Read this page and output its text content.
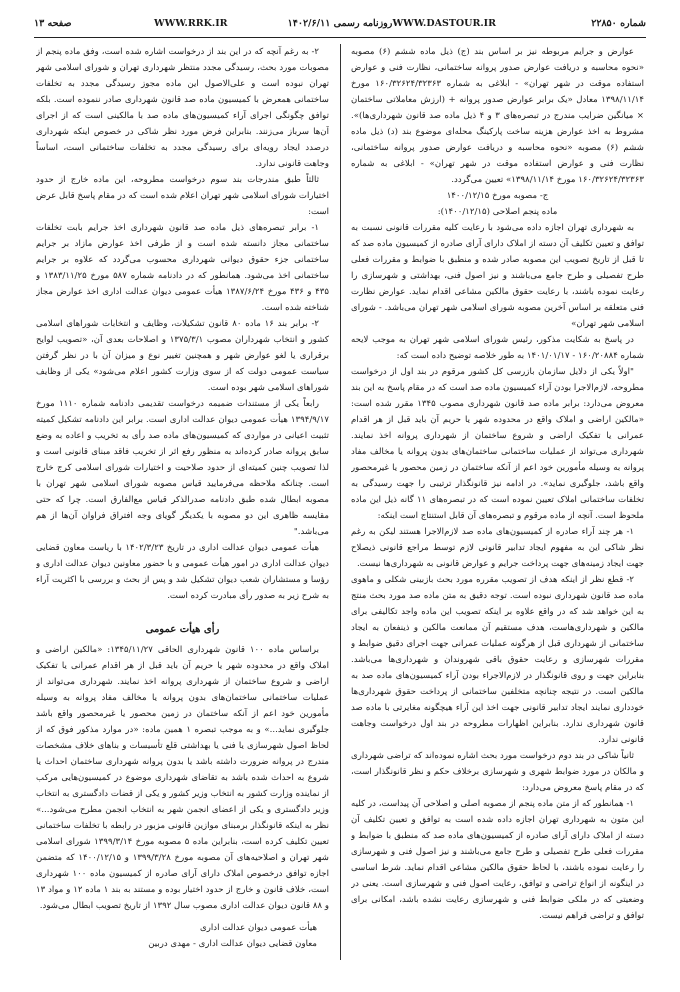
شماره ۲۲۸۵۰
WWW.DASTOUR.IR
روزنامه رسمی ۱۴۰۲/۶/۱۱
WWW.RRK.IR
صفحه ۱۳

عوارض و جرایم مربوطه نیز بر اساس بند (ج) ذیل ماده ششم (۶) مصوبه «نحوه محاسبه و دریافت عوارض صدور پروانه ساختمانی، نظارت فنی و عوارض استفاده موقت در شهر تهران» - ابلاغی به شماره ۱۶۰/۳۲۶۲۴/۳۲۳۶۳ مورخ ۱۳۹۸/۱۱/۱۴ معادل «یک برابر عوارض صدور پروانه + (ارزش معاملاتی ساختمان × میانگین ضرایب مندرج در تبصره‌های ۳ و ۴ ذیل ماده صد قانون شهرداری‌ها)». مشروط به اخذ عوارض هزینه ساخت پارکینگ محله‌ای موضوع بند (د) ذیل ماده ششم (۶) مصوبه «نحوه محاسبه و دریافت عوارض صدور پروانه ساختمانی، نظارت فنی و عوارض استفاده موقت در شهر تهران» - ابلاغی به شماره ۱۶۰/۳۲۶۲۴/۳۲۳۶۳ مورخ ۱۳۹۸/۱۱/۱۴» تعیین می‌گردد.

ج- مصوبه مورخ ۱۴۰۰/۱۲/۱۵

ماده پنجم اصلاحی (۱۴۰۰/۱۲/۱۵):

به شهرداری تهران اجازه داده می‌شود با رعایت کلیه مقررات قانونی نسبت به توافق و تعیین تکلیف آن دسته از املاک دارای آرای صادره از کمیسیون ماده صد که تا قبل از تاریخ تصویب این مصوبه صادر شده و منطبق با ضوابط و مقررات فعلی طرح تفصیلی و طرح جامع می‌باشند و نیز اصول فنی، بهداشتی و شهرسازی را رعایت نموده باشند، با رعایت حقوق مالکین مشاعی اقدام نماید. عوارض نظارت فنی متعلقه بر اساس آخرین مصوبه شورای اسلامی شهر تهران می‌باشد. - شورای اسلامی شهر تهران»

در پاسخ به شکایت مذکور، رئیس شورای اسلامی شهر تهران به موجب لایحه شماره ۱۶۰/۲۰۸۸۴ - ۱۴۰۱/۰۱/۱۷ به طور خلاصه توضیح داده است که:

"اولاً یکی از دلایل سازمان بازرسی کل کشور مرقوم در بند اول از درخواست مطروحه، لازم‌الاجرا بودن آراء کمیسیون ماده صد است که در مقام پاسخ به این بند معروض می‌دارد: برابر ماده صد قانون شهرداری مصوب ۱۳۴۵ مقرر شده است: «مالکین اراضی و املاک واقع در محدوده شهر یا حریم آن باید قبل از هر اقدام عمرانی یا تفکیک اراضی و شروع ساختمان از شهرداری پروانه اخذ نمایند. شهرداری می‌تواند از عملیات ساختمانی ساختمان‌های بدون پروانه یا مخالف مفاد پروانه به وسیله مأمورین خود اعم از آنکه ساختمان در زمین محصور یا غیرمحصور واقع باشد، جلوگیری نماید». در ادامه نیز قانونگذار ترتیبی را جهت رسیدگی به تخلفات ساختمانی املاک تعیین نموده است که در تبصره‌های ۱۱ گانه ذیل این ماده ملحوظ است. آنچه از ماده مرقوم و تبصره‌های آن قابل استنتاج است اینکه:

۱- هر چند آراء صادره از کمیسیون‌های ماده صد لازم‌الاجرا هستند لیکن به رغم نظر شاکی این به مفهوم ایجاد تدابیر قانونی لازم توسط مراجع قانونی ذیصلاح جهت ایجاد زمینه‌های جهت پرداخت جرایم و عوارض قانونی به شهرداری‌ها نیست.

۲- قطع نظر از اینکه هدف از تصویب مقرره مورد بحث بازبینی شکلی و ماهوی ماده صد قانون شهرداری نبوده است. توجه دقیق به متن ماده صد مورد بحث منتج به این خواهد شد که در واقع علاوه بر اینکه تصویب این ماده واجد تکالیفی برای مالکین و شهرداری‌هاست، هدف مستقیم آن ممانعت مالکین و ذینفعان به ایجاد ساختمانی از شهرداری قبل از هرگونه عملیات عمرانی جهت اجرای دقیق ضوابط و مقررات شهرسازی و رعایت حقوق باقی شهروندان و شهرداری‌ها می‌باشد. بنابراین جهت و روی قانونگذار در لازم‌الاجراء بودن آراء کمیسیون‌های ماده صد به مالکین است. در نتیجه چنانچه متخلفین ساختمانی از پرداخت حقوق شهرداری‌ها خودداری نمایند ایجاد تدابیر قانونی جهت اخذ این آراء هیچگونه مغایرتی با ماده صد قانون شهرداری ندارد. بنابراین اظهارات مطروحه در بند اول درخواست وجاهت قانونی ندارد.

ثانیاً شاکی در بند دوم درخواست مورد بحث اشاره نموده‌اند که تراضی شهرداری و مالکان در مورد ضوابط شهری و شهرسازی برخلاف حکم و نظر قانونگذار است، که در مقام پاسخ معروض می‌دارد:

۱- همانطور که از متن ماده پنجم از مصوبه اصلی و اصلاحی آن پیداست، در کلیه این متون به شهرداری تهران اجازه داده شده است به توافق و تعیین تکلیف آن دسته از املاک دارای آرای صادره از کمیسیون‌های ماده صد که منطبق با ضوابط و مقررات فعلی طرح تفصیلی و طرح جامع می‌باشند و نیز اصول فنی و شهرسازی را رعایت نموده باشند، با لحاظ حقوق مالکین مشاعی اقدام نماید. شرط اساسی در اینگونه از انواع تراضی و توافق، رعایت اصول فنی و شهرسازی است. یعنی در وضعیتی که در ملکی ضوابط فنی و شهرسازی رعایت نشده باشد، امکانی برای توافق و تراضی فراهم نیست.

۲- به رغم آنچه که در این بند از درخواست اشاره شده است، وفق ماده پنجم از مصوبات مورد بحث، رسیدگی مجدد منتظر شهرداری تهران و شورای اسلامی شهر تهران نبوده است و علی‌الاصول این ماده مجوز رسیدگی مجدد به تخلفات ساختمانی همعرض با کمیسیون ماده صد قانون شهرداری صادر ننموده است. بلکه توافق چگونگی اجرای آراء کمیسیون‌های ماده صد با مالکینی است که از اجرای آن‌ها سرباز می‌زنند. بنابراین فرض مورد نظر شاکی در خصوص اینکه شهرداری درصدد ایجاد رویه‌ای برای رسیدگی مجدد به تخلفات ساختمانی است، اساساً وجاهت قانونی ندارد.

ثالثاً طبق مندرجات بند سوم درخواست مطروحه، این ماده خارج از حدود اختیارات شورای اسلامی شهر تهران اعلام شده است که در مقام پاسخ قابل عرض است:

۱- برابر تبصره‌های ذیل ماده صد قانون شهرداری اخذ جرایم بابت تخلفات ساختمانی مجاز دانسته شده است و از طرفی اخذ عوارض مازاد بر جرایم ساختمانی جزء حقوق دیوانی شهرداری محسوب می‌گردد که علاوه بر جرایم ساختمانی اخذ می‌شود. همانطور که در دادنامه شماره ۵۸۷ مورخ ۱۳۸۳/۱۱/۲۵ و ۴۳۵ و ۴۳۶ مورخ ۱۳۸۷/۶/۲۴ هیأت عمومی دیوان عدالت اداری اخذ عوارض مجاز شناخته شده است.

۲- برابر بند ۱۶ ماده ۸۰ قانون تشکیلات، وظایف و انتخابات شوراهای اسلامی کشور و انتخاب شهرداران مصوب ۱۳۷۵/۳/۱ و اصلاحات بعدی آن، «تصویب لوایح برقراری یا لغو عوارض شهر و همچنین تغییر نوع و میزان آن با در نظر گرفتن سیاست عمومی دولت که از سوی وزارت کشور اعلام می‌شود» یکی از وظایف شوراهای اسلامی شهر بوده است.

رابعاً یکی از مستندات ضمیمه درخواست تقدیمی دادنامه شماره ۱۱۱۰ مورخ ۱۳۹۴/۹/۱۷ هیأت عمومی دیوان عدالت اداری است. برابر این دادنامه تشکیل کمیته تثبیت اعیانی در مواردی که کمیسیون‌های ماده صد رأی به تخریب و اعاده به وضع سابق پروانه صادر کرده‌اند به منظور رفع اثر از تخریب فاقد مبنای قانونی است و لذا تصویب چنین کمیته‌ای از حدود صلاحیت و اختیارات شورای اسلامی کرج خارج است. چنانکه ملاحظه می‌فرمایید قیاس مصوبه شورای اسلامی شهر تهران با مصوبه ابطال شده طبق دادنامه صدرالذکر قیاس مع‌الفارق است. چرا که حتی مقایسه ظاهری این دو مصوبه با یکدیگر گویای وجه افتراق فراوان آن‌ها از هم می‌باشد."

هیأت عمومی دیوان عدالت اداری در تاریخ ۱۴۰۲/۳/۲۳ با ریاست معاون قضایی دیوان عدالت اداری در امور هیأت عمومی و با حضور معاونین دیوان عدالت اداری و رؤسا و مستشاران شعب دیوان تشکیل شد و پس از بحث و بررسی با اکثریت آراء به شرح زیر به صدور رأی مبادرت کرده است.

رأی هیأت عمومی

براساس ماده ۱۰۰ قانون شهرداری الحاقی ۱۳۴۵/۱۱/۲۷: «مالکین اراضی و املاک واقع در محدوده شهر یا حریم آن باید قبل از هر اقدام عمرانی یا تفکیک اراضی و شروع ساختمان از شهرداری پروانه اخذ نمایند. شهرداری می‌تواند از عملیات ساختمانی ساختمان‌های بدون پروانه یا مخالف مفاد پروانه به وسیله مأمورین خود اعم از آنکه ساختمان در زمین محصور یا غیرمحصور واقع باشد جلوگیری نماید...» و به موجب تبصره ۱ همین ماده: «در موارد مذکور فوق که از لحاظ اصول شهرسازی یا فنی یا بهداشتی قلع تأسیسات و بناهای خلاف مشخصات مندرج در پروانه ضرورت داشته باشد یا بدون پروانه شهرداری ساختمان احداث یا شروع به احداث شده باشد به تقاضای شهرداری موضوع در کمیسیون‌هایی مرکب از نماینده وزارت کشور به انتخاب وزیر کشور و یکی از قضات دادگستری به انتخاب وزیر دادگستری و یکی از اعضای انجمن شهر به انتخاب انجمن مطرح می‌شود...» نظر به اینکه قانونگذار برمبنای موازین قانونی مزبور در رابطه با تخلفات ساختمانی تعیین تکلیف کرده است، بنابراین ماده ۵ مصوبه مورخ ۱۳۹۹/۳/۱۴ شورای اسلامی شهر تهران و اصلاحیه‌های آن مصوبه مورخ ۱۳۹۹/۳/۲۸ و ۱۴۰۰/۱۲/۱۵ که متضمن اجازه توافق درخصوص املاک دارای آرای صادره از کمیسیون ماده ۱۰۰ شهرداری است، خلاف قانون و خارج از حدود اختیار بوده و مستند به بند ۱ ماده ۱۲ و مواد ۱۳ و ۸۸ قانون دیوان عدالت اداری مصوب سال ۱۳۹۲ از تاریخ تصویب ابطال می‌شود.

هیأت عمومی دیوان عدالت اداری

معاون قضایی دیوان عدالت اداری - مهدی دربین
